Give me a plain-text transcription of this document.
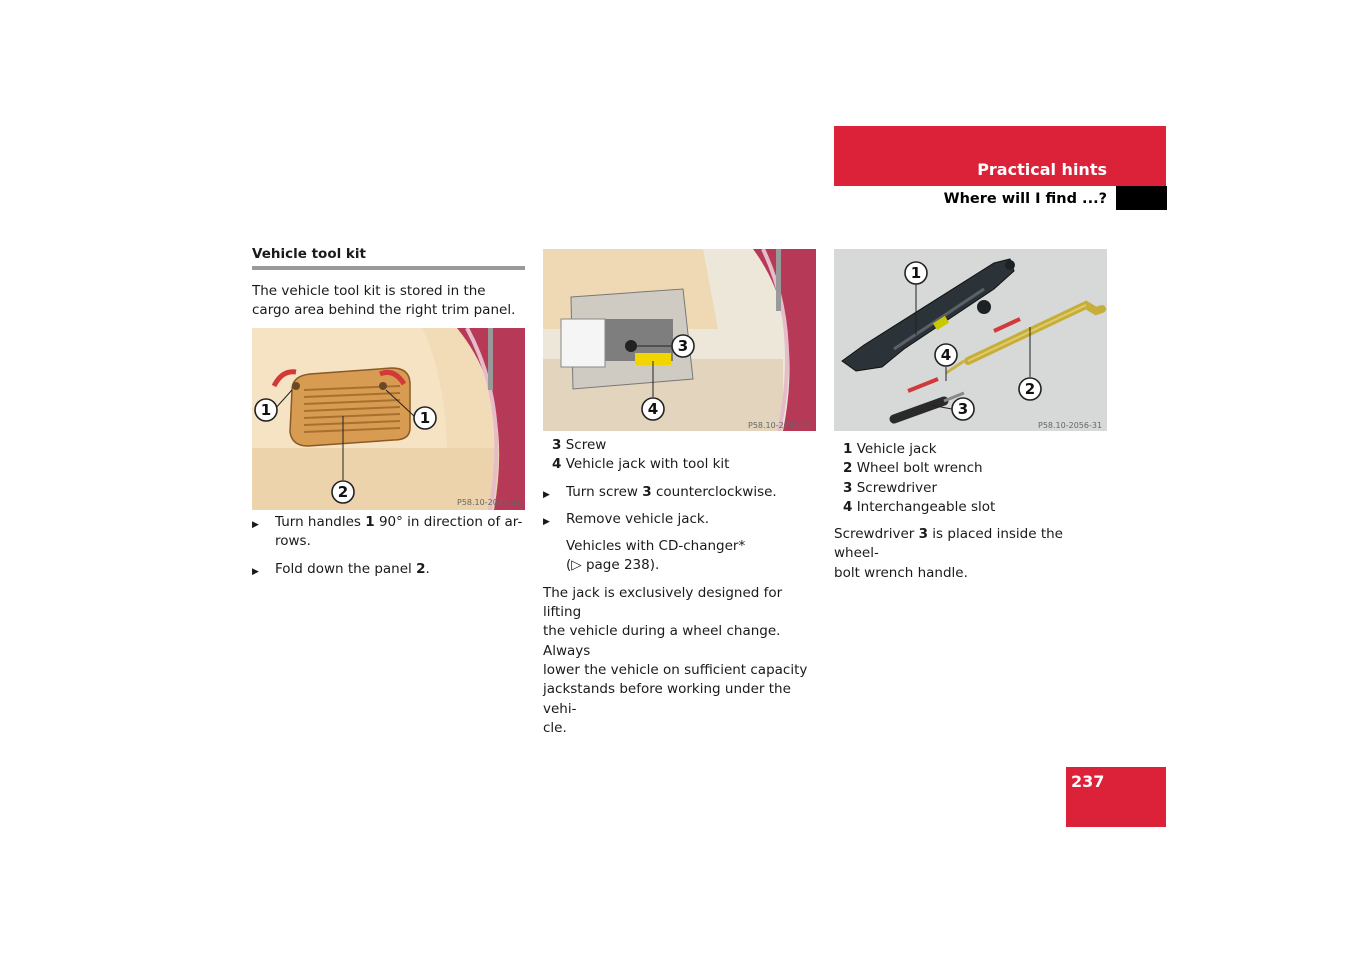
Practical hints
Where will I find ...?
Vehicle tool kit

The vehicle tool kit is stored in the cargo area behind the right trim panel.

1	1
2
P58.10-2047-31

▶ Turn handles 1 90° in direction of ar-
rows.

▶ Fold down the panel 2.

3
4
P58.10-2049-31

3 Screw

4 Vehicle jack with tool kit

▶ Turn screw 3 counterclockwise.

▶ Remove vehicle jack.

Vehicles with CD-changer*
(▷ page 238).

The jack is exclusively designed for lifting
the vehicle during a wheel change. Always
lower the vehicle on sufficient capacity
jackstands before working under the vehi-
cle.

1
2
3
4
P58.10-2056-31

1 Vehicle jack

2 Wheel bolt wrench

3 Screwdriver

4 Interchangeable slot

Screwdriver 3 is placed inside the wheel-
bolt wrench handle.

237
